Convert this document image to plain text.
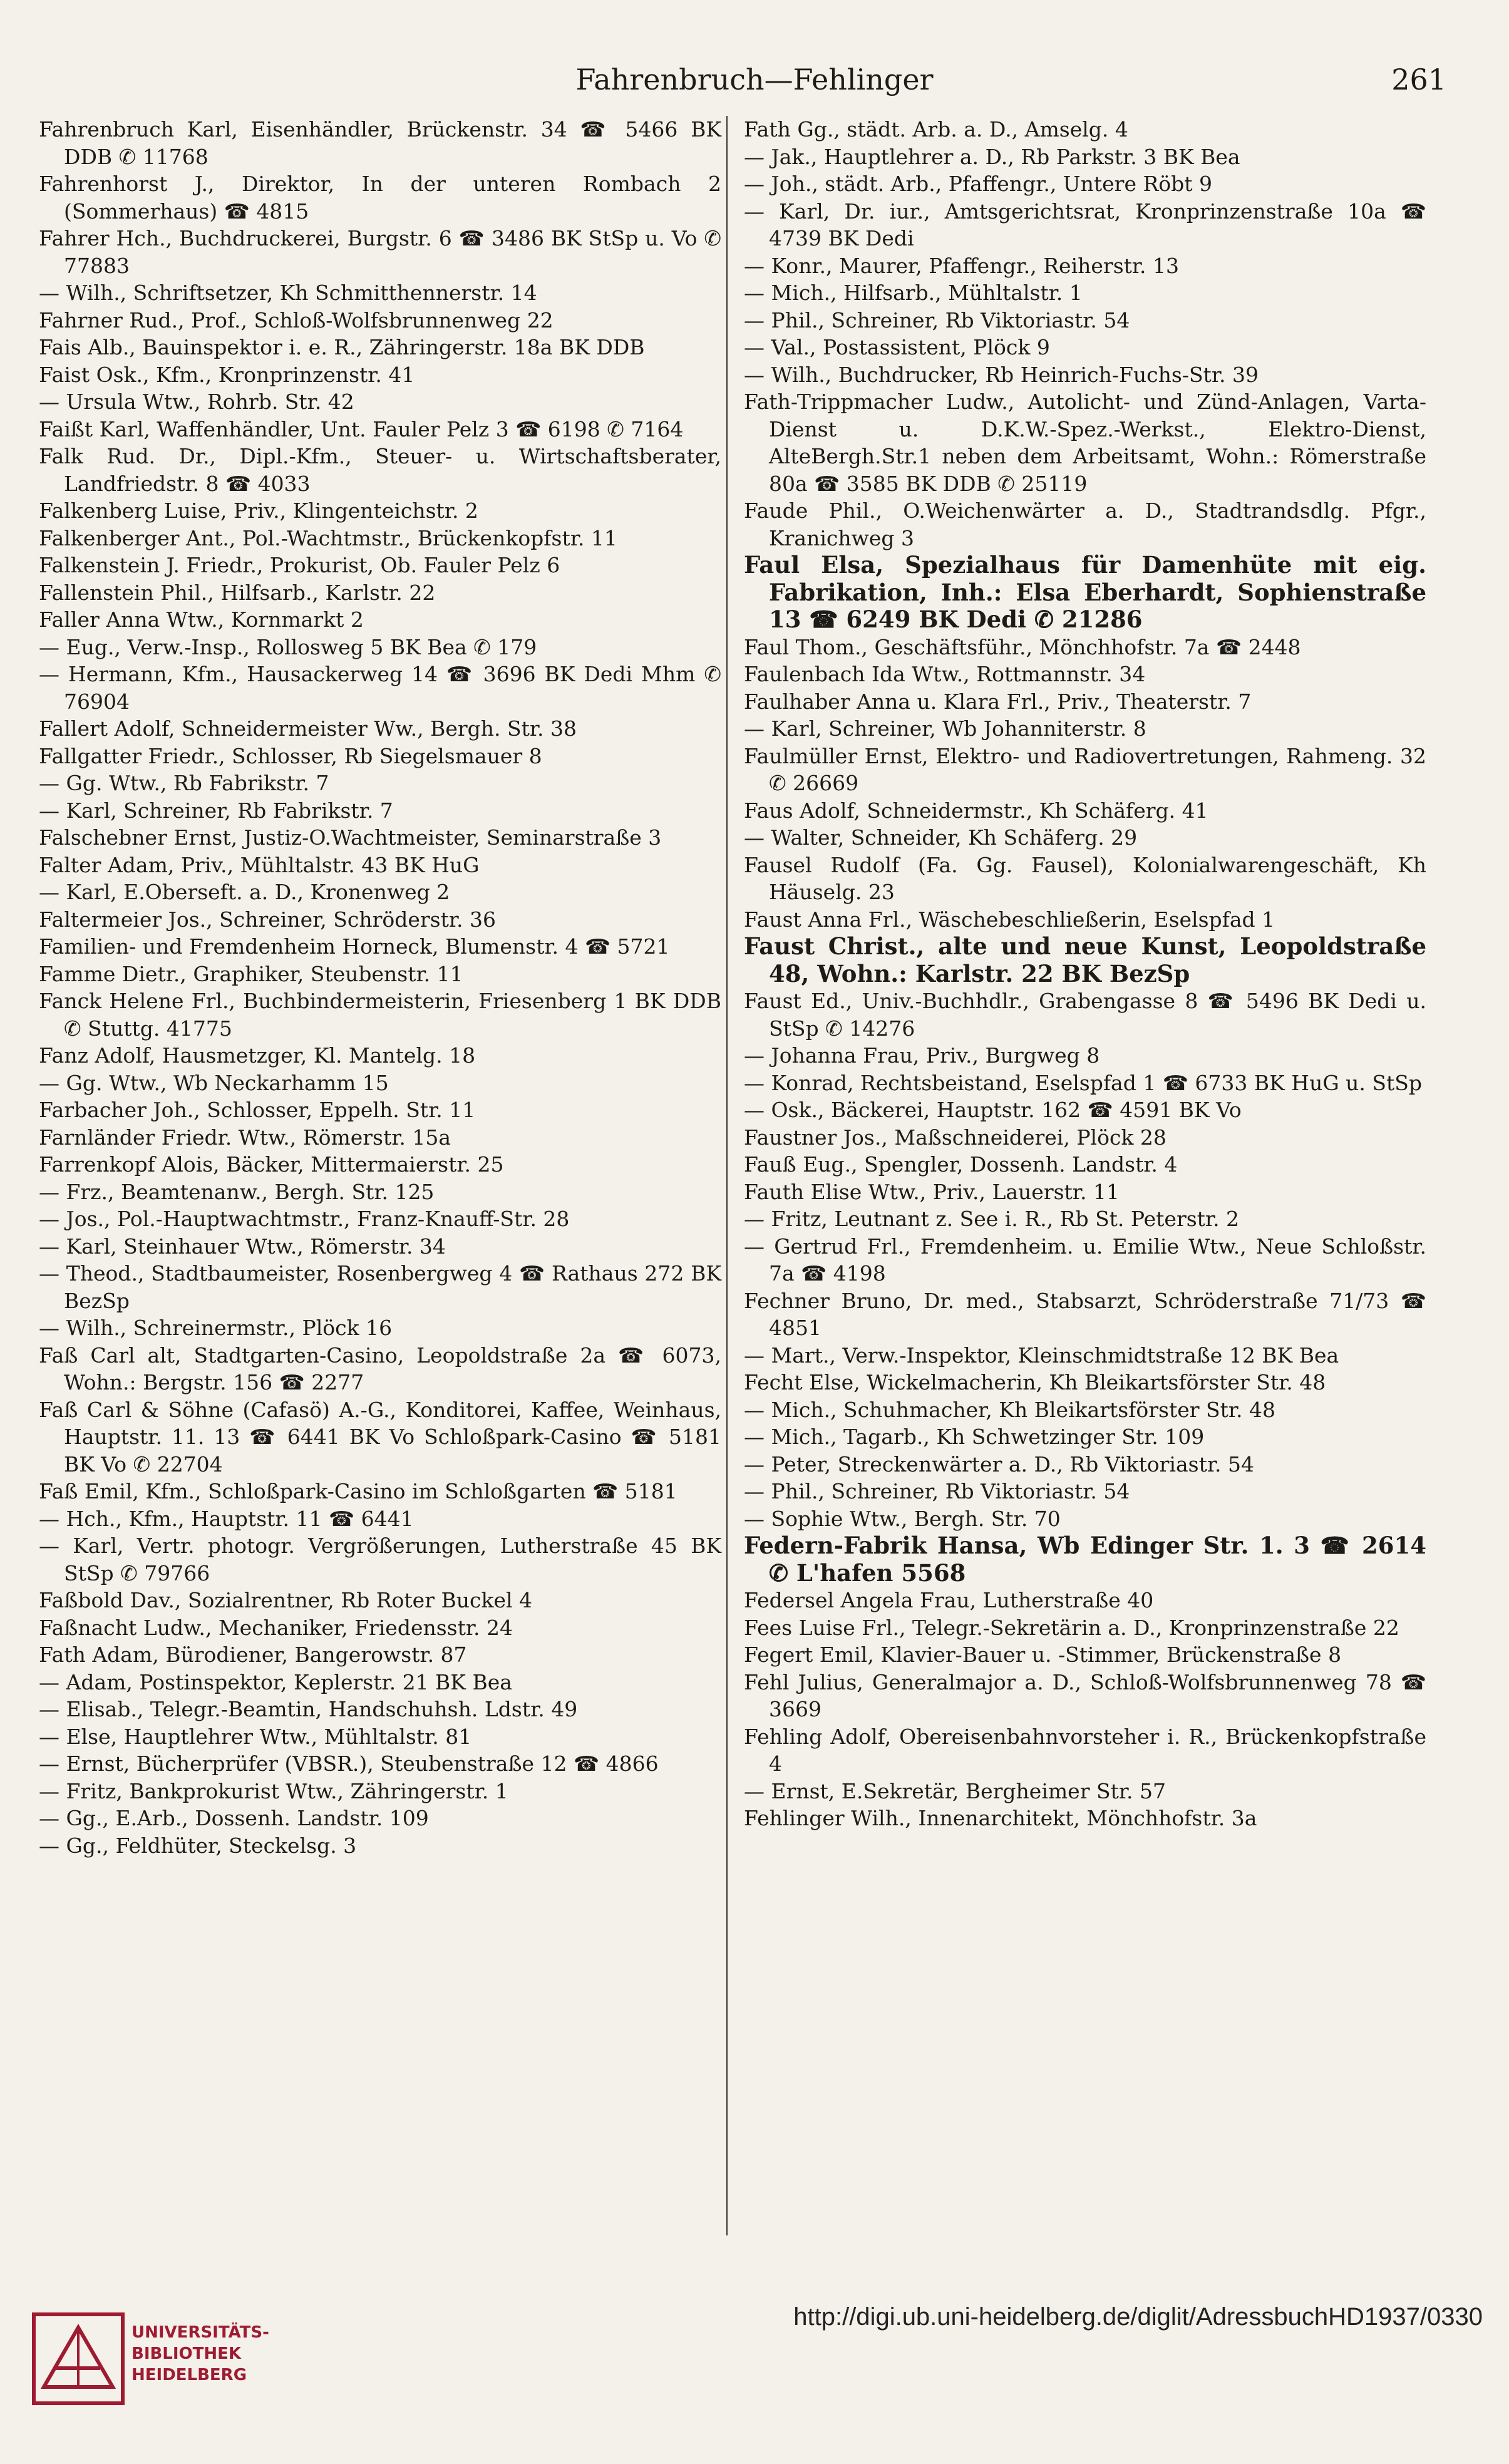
Fahrenbruch—Fehlinger	261

Fahrenbruch Karl, Eisenhändler, Brückenstr. 34 ☎ 5466 BK DDB ✆ 11768

Fahrenhorst J., Direktor, In der unteren Rombach 2 (Sommerhaus) ☎ 4815

Fahrer Hch., Buchdruckerei, Burgstr. 6 ☎ 3486 BK StSp u. Vo ✆ 77883

— Wilh., Schriftsetzer, Kh Schmitthennerstr. 14

Fahrner Rud., Prof., Schloß-Wolfsbrunnenweg 22

Fais Alb., Bauinspektor i. e. R., Zähringerstr. 18a BK DDB

Faist Osk., Kfm., Kronprinzenstr. 41

— Ursula Wtw., Rohrb. Str. 42

Faißt Karl, Waffenhändler, Unt. Fauler Pelz 3 ☎ 6198 ✆ 7164

Falk Rud. Dr., Dipl.-Kfm., Steuer- u. Wirtschaftsberater, Landfriedstr. 8 ☎ 4033

Falkenberg Luise, Priv., Klingenteichstr. 2

Falkenberger Ant., Pol.-Wachtmstr., Brückenkopfstr. 11

Falkenstein J. Friedr., Prokurist, Ob. Fauler Pelz 6

Fallenstein Phil., Hilfsarb., Karlstr. 22

Faller Anna Wtw., Kornmarkt 2

— Eug., Verw.-Insp., Rollosweg 5 BK Bea ✆ 179

— Hermann, Kfm., Hausackerweg 14 ☎ 3696 BK Dedi Mhm ✆ 76904

Fallert Adolf, Schneidermeister Ww., Bergh. Str. 38

Fallgatter Friedr., Schlosser, Rb Siegelsmauer 8

— Gg. Wtw., Rb Fabrikstr. 7

— Karl, Schreiner, Rb Fabrikstr. 7

Falschebner Ernst, Justiz-O.Wachtmeister, Seminarstraße 3

Falter Adam, Priv., Mühltalstr. 43 BK HuG

— Karl, E.Oberseft. a. D., Kronenweg 2

Faltermeier Jos., Schreiner, Schröderstr. 36

Familien- und Fremdenheim Horneck, Blumenstr. 4 ☎ 5721

Famme Dietr., Graphiker, Steubenstr. 11

Fanck Helene Frl., Buchbindermeisterin, Friesenberg 1 BK DDB ✆ Stuttg. 41775

Fanz Adolf, Hausmetzger, Kl. Mantelg. 18

— Gg. Wtw., Wb Neckarhamm 15

Farbacher Joh., Schlosser, Eppelh. Str. 11

Farnländer Friedr. Wtw., Römerstr. 15a

Farrenkopf Alois, Bäcker, Mittermaierstr. 25

— Frz., Beamtenanw., Bergh. Str. 125

— Jos., Pol.-Hauptwachtmstr., Franz-Knauff-Str. 28

— Karl, Steinhauer Wtw., Römerstr. 34

— Theod., Stadtbaumeister, Rosenbergweg 4 ☎ Rathaus 272 BK BezSp

— Wilh., Schreinermstr., Plöck 16

Faß Carl alt, Stadtgarten-Casino, Leopoldstraße 2a ☎ 6073, Wohn.: Bergstr. 156 ☎ 2277

Faß Carl & Söhne (Cafasö) A.-G., Konditorei, Kaffee, Weinhaus, Hauptstr. 11. 13 ☎ 6441 BK Vo Schloßpark-Casino ☎ 5181 BK Vo ✆ 22704

Faß Emil, Kfm., Schloßpark-Casino im Schloßgarten ☎ 5181

— Hch., Kfm., Hauptstr. 11 ☎ 6441

— Karl, Vertr. photogr. Vergrößerungen, Lutherstraße 45 BK StSp ✆ 79766

Faßbold Dav., Sozialrentner, Rb Roter Buckel 4

Faßnacht Ludw., Mechaniker, Friedensstr. 24

Fath Adam, Bürodiener, Bangerowstr. 87

— Adam, Postinspektor, Keplerstr. 21 BK Bea

— Elisab., Telegr.-Beamtin, Handschuhsh. Ldstr. 49

— Else, Hauptlehrer Wtw., Mühltalstr. 81

— Ernst, Bücherprüfer (VBSR.), Steubenstraße 12 ☎ 4866

— Fritz, Bankprokurist Wtw., Zähringerstr. 1

— Gg., E.Arb., Dossenh. Landstr. 109

— Gg., Feldhüter, Steckelsg. 3

Fath Gg., städt. Arb. a. D., Amselg. 4

— Jak., Hauptlehrer a. D., Rb Parkstr. 3 BK Bea

— Joh., städt. Arb., Pfaffengr., Untere Röbt 9

— Karl, Dr. iur., Amtsgerichtsrat, Kronprinzenstraße 10a ☎ 4739 BK Dedi

— Konr., Maurer, Pfaffengr., Reiherstr. 13

— Mich., Hilfsarb., Mühltalstr. 1

— Phil., Schreiner, Rb Viktoriastr. 54

— Val., Postassistent, Plöck 9

— Wilh., Buchdrucker, Rb Heinrich-Fuchs-Str. 39

Fath-Trippmacher Ludw., Autolicht- und Zünd-Anlagen, Varta-Dienst u. D.K.W.-Spez.-Werkst., Elektro-Dienst, AlteBergh.Str.1 neben dem Arbeitsamt, Wohn.: Römerstraße 80a ☎ 3585 BK DDB ✆ 25119

Faude Phil., O.Weichenwärter a. D., Stadtrandsdlg. Pfgr., Kranichweg 3

Faul Elsa, Spezialhaus für Damenhüte mit eig. Fabrikation, Inh.: Elsa Eberhardt, Sophienstraße 13 ☎ 6249 BK Dedi ✆ 21286

Faul Thom., Geschäftsführ., Mönchhofstr. 7a ☎ 2448

Faulenbach Ida Wtw., Rottmannstr. 34

Faulhaber Anna u. Klara Frl., Priv., Theaterstr. 7

— Karl, Schreiner, Wb Johanniterstr. 8

Faulmüller Ernst, Elektro- und Radiovertretungen, Rahmeng. 32 ✆ 26669

Faus Adolf, Schneidermstr., Kh Schäferg. 41

— Walter, Schneider, Kh Schäferg. 29

Fausel Rudolf (Fa. Gg. Fausel), Kolonialwarengeschäft, Kh Häuselg. 23

Faust Anna Frl., Wäschebeschließerin, Eselspfad 1

Faust Christ., alte und neue Kunst, Leopoldstraße 48, Wohn.: Karlstr. 22 BK BezSp

Faust Ed., Univ.-Buchhdlr., Grabengasse 8 ☎ 5496 BK Dedi u. StSp ✆ 14276

— Johanna Frau, Priv., Burgweg 8

— Konrad, Rechtsbeistand, Eselspfad 1 ☎ 6733 BK HuG u. StSp

— Osk., Bäckerei, Hauptstr. 162 ☎ 4591 BK Vo

Faustner Jos., Maßschneiderei, Plöck 28

Fauß Eug., Spengler, Dossenh. Landstr. 4

Fauth Elise Wtw., Priv., Lauerstr. 11

— Fritz, Leutnant z. See i. R., Rb St. Peterstr. 2

— Gertrud Frl., Fremdenheim. u. Emilie Wtw., Neue Schloßstr. 7a ☎ 4198

Fechner Bruno, Dr. med., Stabsarzt, Schröderstraße 71/73 ☎ 4851

— Mart., Verw.-Inspektor, Kleinschmidtstraße 12 BK Bea

Fecht Else, Wickelmacherin, Kh Bleikartsförster Str. 48

— Mich., Schuhmacher, Kh Bleikartsförster Str. 48

— Mich., Tagarb., Kh Schwetzinger Str. 109

— Peter, Streckenwärter a. D., Rb Viktoriastr. 54

— Phil., Schreiner, Rb Viktoriastr. 54

— Sophie Wtw., Bergh. Str. 70

Federn-Fabrik Hansa, Wb Edinger Str. 1. 3 ☎ 2614 ✆ L'hafen 5568

Federsel Angela Frau, Lutherstraße 40

Fees Luise Frl., Telegr.-Sekretärin a. D., Kronprinzenstraße 22

Fegert Emil, Klavier-Bauer u. -Stimmer, Brückenstraße 8

Fehl Julius, Generalmajor a. D., Schloß-Wolfsbrunnenweg 78 ☎ 3669

Fehling Adolf, Obereisenbahnvorsteher i. R., Brückenkopfstraße 4

— Ernst, E.Sekretär, Bergheimer Str. 57

Fehlinger Wilh., Innenarchitekt, Mönchhofstr. 3a

UNIVERSITÄTS-
BIBLIOTHEK
HEIDELBERG
http://digi.ub.uni-heidelberg.de/diglit/AdressbuchHD1937/0330
